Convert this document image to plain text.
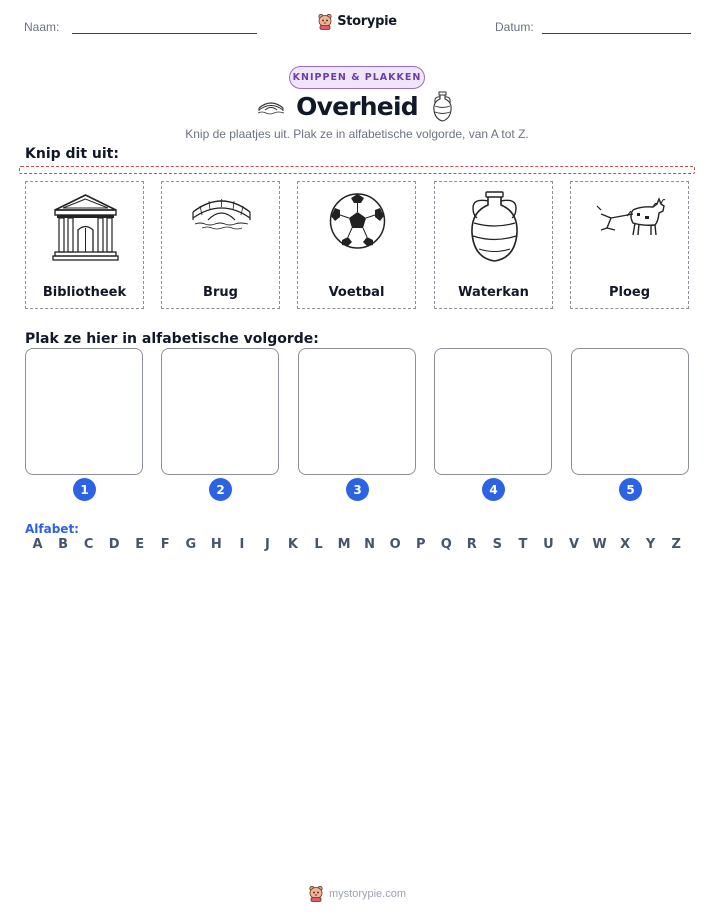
Naam:	Storypie	Datum:
KNIPPEN & PLAKKEN
Overheid
Knip de plaatjes uit. Plak ze in alfabetische volgorde, van A tot Z.
Knip dit uit:
Bibliotheek	Brug	Voetbal	Waterkan	Ploeg
Plak ze hier in alfabetische volgorde:
1	2	3	4	5
Alfabet:
A	B	C	D	E	F	G	H	I	J	K	L	M	N	O	P	Q	R	S	T	U	V	W	X	Y	Z
mystorypie.com
